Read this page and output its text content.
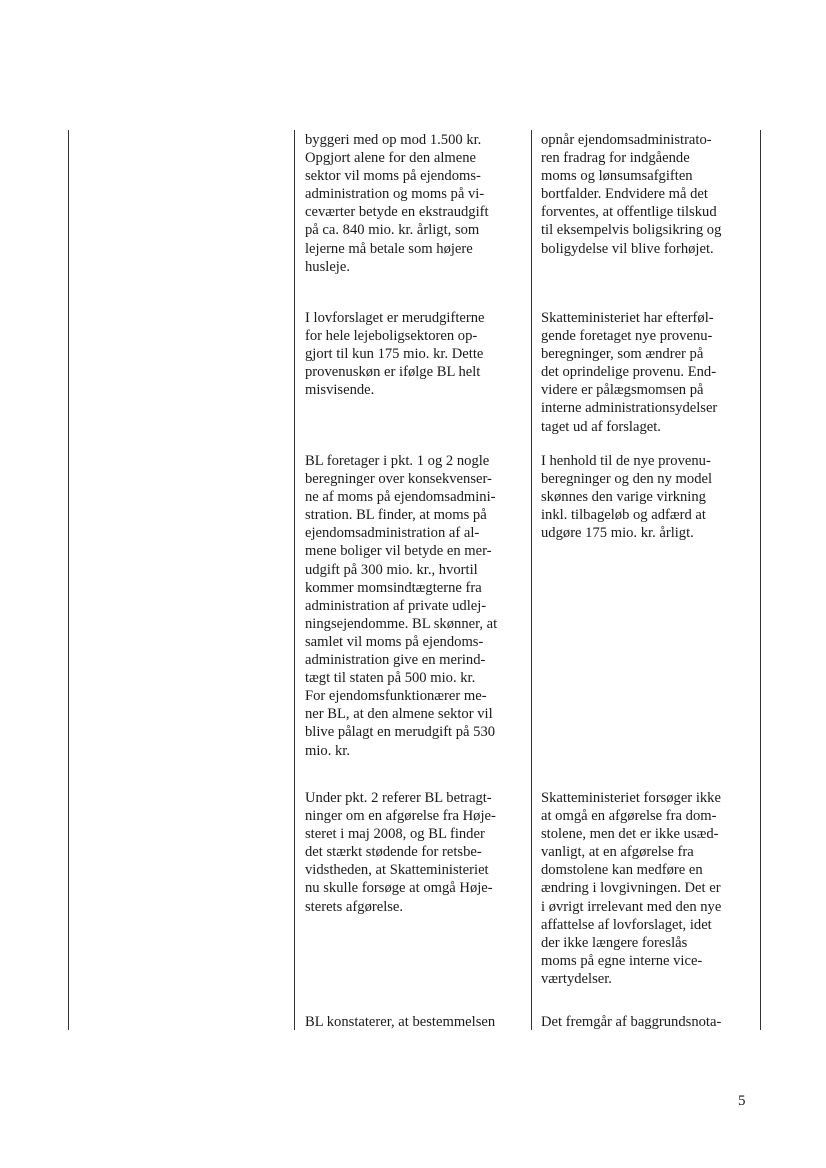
byggeri med op mod 1.500 kr.
Opgjort alene for den almene
sektor vil moms på ejendoms-
administration og moms på vi-
ceværter betyde en ekstraudgift
på ca. 840 mio. kr. årligt, som
lejerne må betale som højere
husleje.

I lovforslaget er merudgifterne
for hele lejeboligsektoren op-
gjort til kun 175 mio. kr. Dette
provenuskøn er ifølge BL helt
misvisende.

BL foretager i pkt. 1 og 2 nogle
beregninger over konsekvenser-
ne af moms på ejendomsadmini-
stration. BL finder, at moms på
ejendomsadministration af al-
mene boliger vil betyde en mer-
udgift på 300 mio. kr., hvortil
kommer momsindtægterne fra
administration af private udlej-
ningsejendomme. BL skønner, at
samlet vil moms på ejendoms-
administration give en merind-
tægt til staten på 500 mio. kr.
For ejendomsfunktionærer me-
ner BL, at den almene sektor vil
blive pålagt en merudgift på 530
mio. kr.

Under pkt. 2 referer BL betragt-
ninger om en afgørelse fra Høje-
steret i maj 2008, og BL finder
det stærkt stødende for retsbe-
vidstheden, at Skatteministeriet
nu skulle forsøge at omgå Høje-
sterets afgørelse.

BL konstaterer, at bestemmelsen

opnår ejendomsadministrato-
ren fradrag for indgående
moms og lønsumsafgiften
bortfalder. Endvidere må det
forventes, at offentlige tilskud
til eksempelvis boligsikring og
boligydelse vil blive forhøjet.

Skatteministeriet har efterføl-
gende foretaget nye provenu-
beregninger, som ændrer på
det oprindelige provenu. End-
videre er pålægsmomsen på
interne administrationsydelser
taget ud af forslaget.

I henhold til de nye provenu-
beregninger og den ny model
skønnes den varige virkning
inkl. tilbageløb og adfærd at
udgøre 175 mio. kr. årligt.

Skatteministeriet forsøger ikke
at omgå en afgørelse fra dom-
stolene, men det er ikke usæd-
vanligt, at en afgørelse fra
domstolene kan medføre en
ændring i lovgivningen. Det er
i øvrigt irrelevant med den nye
affattelse af lovforslaget, idet
der ikke længere foreslås
moms på egne interne vice-
værtydelser.

Det fremgår af baggrundsnota-

5
